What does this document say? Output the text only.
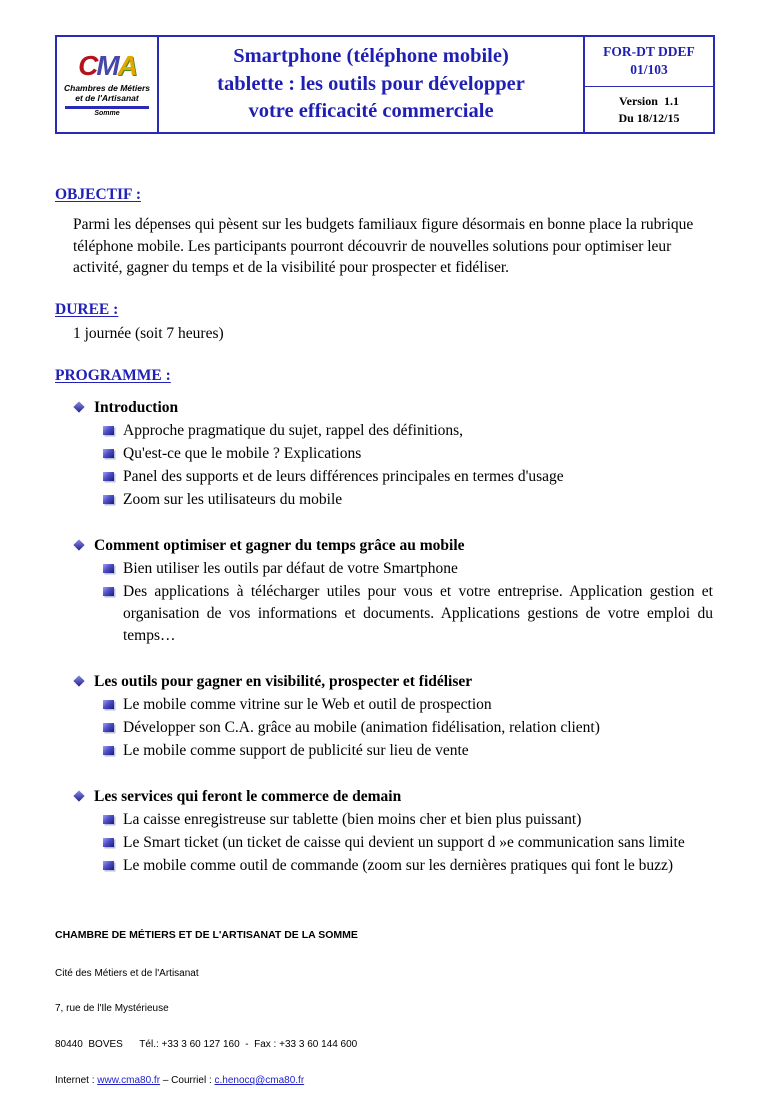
CMA
Chambres de Métiers
et de l'Artisanat
Somme
Smartphone (téléphone mobile)
tablette : les outils pour développer
votre efficacité commerciale
FOR-DT DDEF
01/103
Version  1.1
Du 18/12/15
OBJECTIF :
Parmi les dépenses qui pèsent sur les budgets familiaux figure désormais en bonne place la rubrique téléphone mobile. Les participants pourront découvrir de nouvelles solutions pour optimiser leur activité, gagner du temps et de la visibilité pour prospecter et fidéliser.
DUREE :
1 journée (soit 7 heures)
PROGRAMME :
Introduction
Approche pragmatique du sujet, rappel des définitions,
Qu'est-ce que le mobile ? Explications
Panel des supports et de leurs différences principales en termes d'usage
Zoom sur les utilisateurs du mobile
Comment optimiser et gagner du temps grâce au mobile
Bien utiliser les outils par défaut de votre Smartphone
Des applications à télécharger utiles pour vous et votre entreprise. Application gestion et organisation de vos informations et documents. Applications gestions de votre emploi du temps…
Les outils pour gagner en visibilité, prospecter et fidéliser
Le mobile comme vitrine sur le Web et outil de prospection
Développer son C.A. grâce au mobile (animation fidélisation, relation client)
Le mobile comme support de publicité sur lieu de vente
Les services qui feront le commerce de demain
La caisse enregistreuse sur tablette (bien moins cher et bien plus puissant)
Le Smart ticket (un ticket de caisse qui devient un support d »e communication sans limite
Le mobile comme outil de commande (zoom sur les dernières pratiques qui font le buzz)

CHAMBRE DE MÉTIERS ET DE L'ARTISANAT DE LA SOMME

Cité des Métiers et de l'Artisanat

7, rue de l'Ile Mystérieuse

80440  BOVES      Tél.: +33 3 60 127 160  -  Fax : +33 3 60 144 600

Internet : www.cma80.fr – Courriel : c.henocq@cma80.fr
